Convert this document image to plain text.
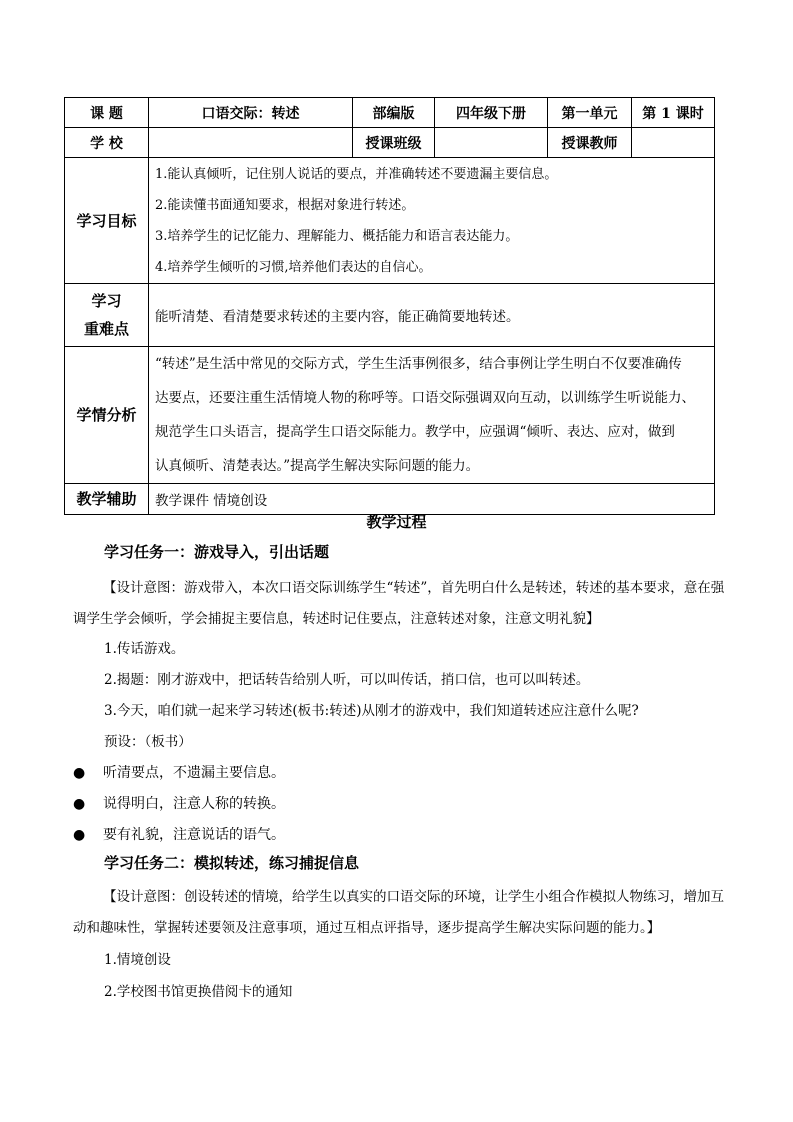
课 题	口语交际：转述	部编版	四年级下册	第一单元	第 1 课时
学 校		授课班级		授课教师	
学习目标	1.能认真倾听，记住别人说话的要点，并准确转述不要遗漏主要信息。
2.能读懂书面通知要求，根据对象进行转述。
3.培养学生的记忆能力、理解能力、概括能力和语言表达能力。
4.培养学生倾听的习惯,培养他们表达的自信心。				

学习
重难点	能听清楚、看清楚要求转述的主要内容，能正确简要地转述。				
学情分析	“转述”是生活中常见的交际方式，学生生活事例很多，结合事例让学生明白不仅要准确传
达要点，还要注重生活情境人物的称呼等。口语交际强调双向互动，以训练学生听说能力、
规范学生口头语言，提高学生口语交际能力。教学中，应强调“倾听、表达、应对，做到
认真倾听、清楚表达。”提高学生解决实际问题的能力。				

教学辅助	教学课件 情境创设				
教学过程
学习任务一：游戏导入，引出话题
【设计意图：游戏带入，本次口语交际训练学生“转述”，首先明白什么是转述，转述的基本要求，意在强调学生学会倾听，学会捕捉主要信息，转述时记住要点，注意转述对象，注意文明礼貌】
1.传话游戏。
2.揭题：刚才游戏中，把话转告给别人听，可以叫传话，捎口信，也可以叫转述。
3.今天，咱们就一起来学习转述(板书:转述)从刚才的游戏中，我们知道转述应注意什么呢?
预设：（板书）
● 听清要点，不遗漏主要信息。
● 说得明白，注意人称的转换。
● 要有礼貌，注意说话的语气。
学习任务二：模拟转述，练习捕捉信息
【设计意图：创设转述的情境，给学生以真实的口语交际的环境，让学生小组合作模拟人物练习，增加互动和趣味性，掌握转述要领及注意事项，通过互相点评指导，逐步提高学生解决实际问题的能力。】
1.情境创设
2.学校图书馆更换借阅卡的通知
